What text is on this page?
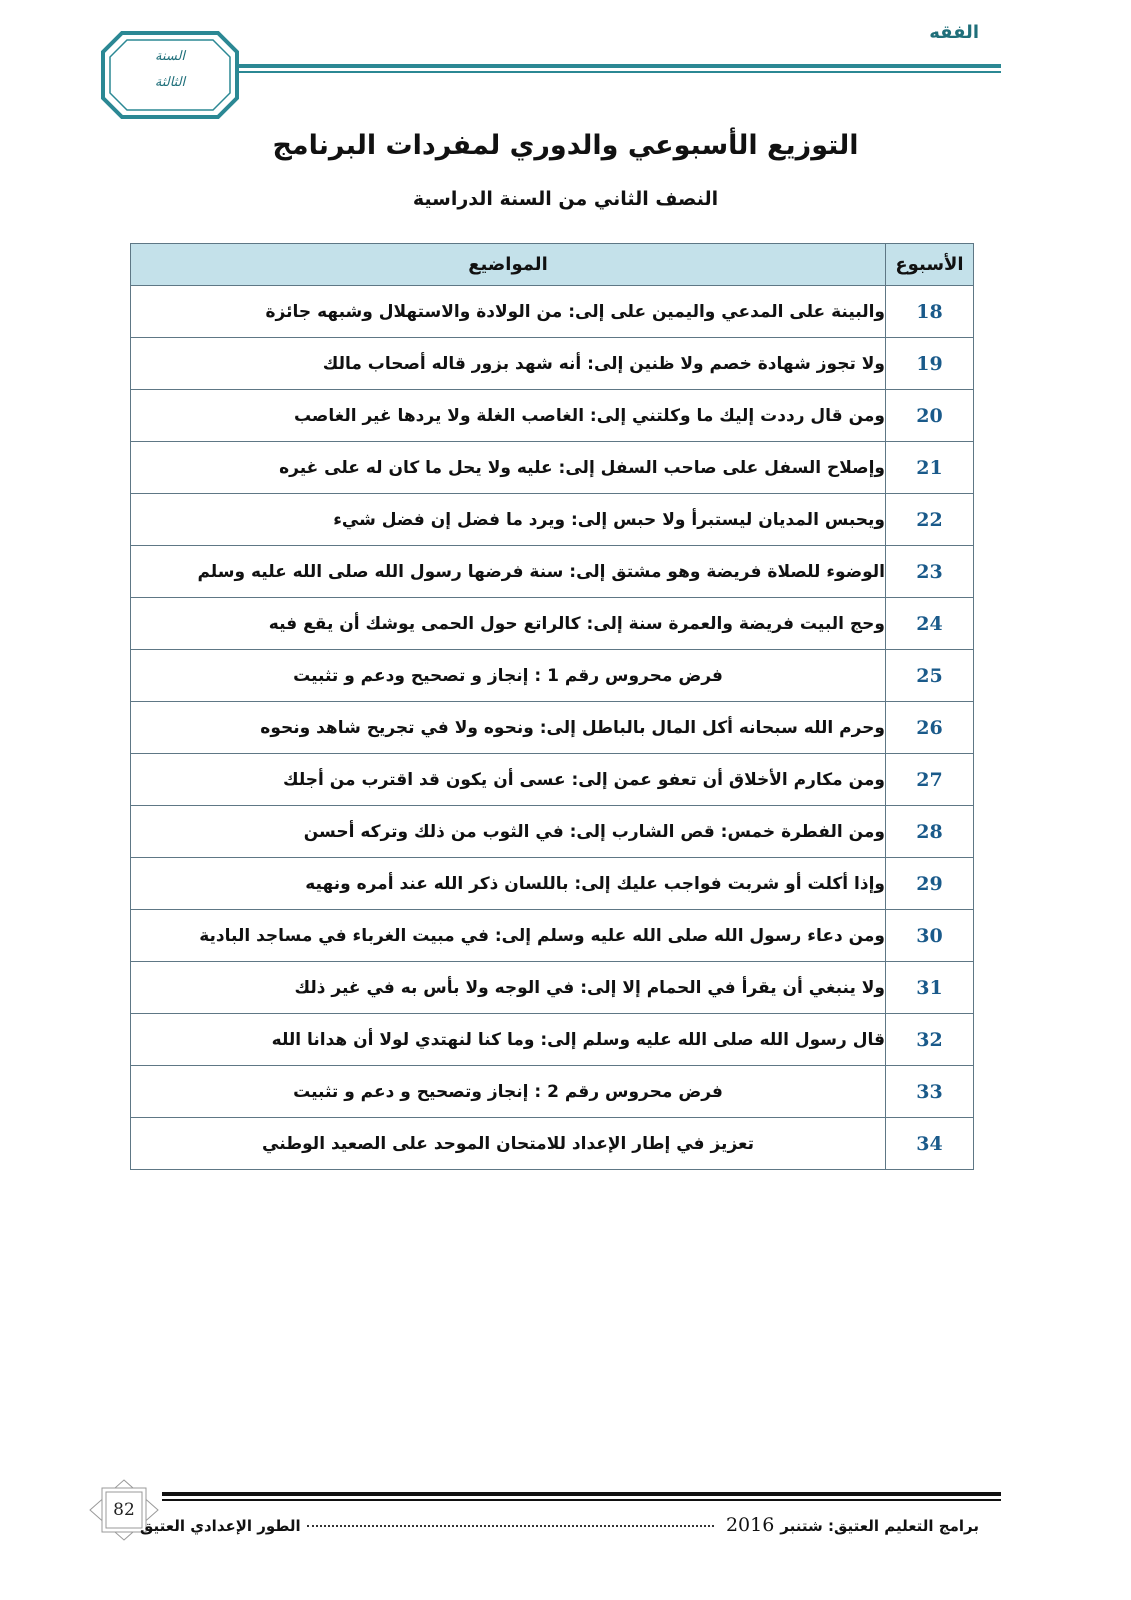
الفقه
السنة
الثالثة
التوزيع الأسبوعي والدوري لمفردات البرنامج
النصف الثاني من السنة الدراسية
الأسبوع	المواضيع
18	والبينة على المدعي واليمين على إلى: من الولادة والاستهلال وشبهه جائزة
19	ولا تجوز شهادة خصم ولا ظنين إلى: أنه شهد بزور قاله أصحاب مالك
20	ومن قال رددت إليك ما وكلتني إلى: الغاصب الغلة ولا يردها غير الغاصب
21	وإصلاح السفل على صاحب السفل إلى: عليه ولا يحل ما كان له على غيره
22	ويحبس المديان ليستبرأ ولا حبس إلى: ويرد ما فضل إن فضل شيء
23	الوضوء للصلاة فريضة وهو مشتق إلى: سنة فرضها رسول الله صلى الله عليه وسلم
24	وحج البيت فريضة والعمرة سنة إلى: كالراتع حول الحمى يوشك أن يقع فيه
25	فرض محروس رقم 1 : إنجاز و تصحيح ودعم و تثبيت
26	وحرم الله سبحانه أكل المال بالباطل إلى: ونحوه ولا في تجريح شاهد ونحوه
27	ومن مكارم الأخلاق أن تعفو عمن إلى: عسى أن يكون قد اقترب من أجلك
28	ومن الفطرة خمس: قص الشارب إلى: في الثوب من ذلك وتركه أحسن
29	وإذا أكلت أو شربت فواجب عليك إلى: باللسان ذكر الله عند أمره ونهيه
30	ومن دعاء رسول الله صلى الله عليه وسلم إلى: في مبيت الغرباء في مساجد البادية
31	ولا ينبغي أن يقرأ في الحمام إلا إلى: في الوجه ولا بأس به في غير ذلك
32	قال رسول الله صلى الله عليه وسلم إلى: وما كنا لنهتدي لولا أن هدانا الله
33	فرض محروس رقم 2 : إنجاز وتصحيح و دعم و تثبيت
34	تعزيز في إطار الإعداد للامتحان الموحد على الصعيد الوطني
82
برامج التعليم العتيق: شتنبر
2016
الطور الإعدادي العتيق
